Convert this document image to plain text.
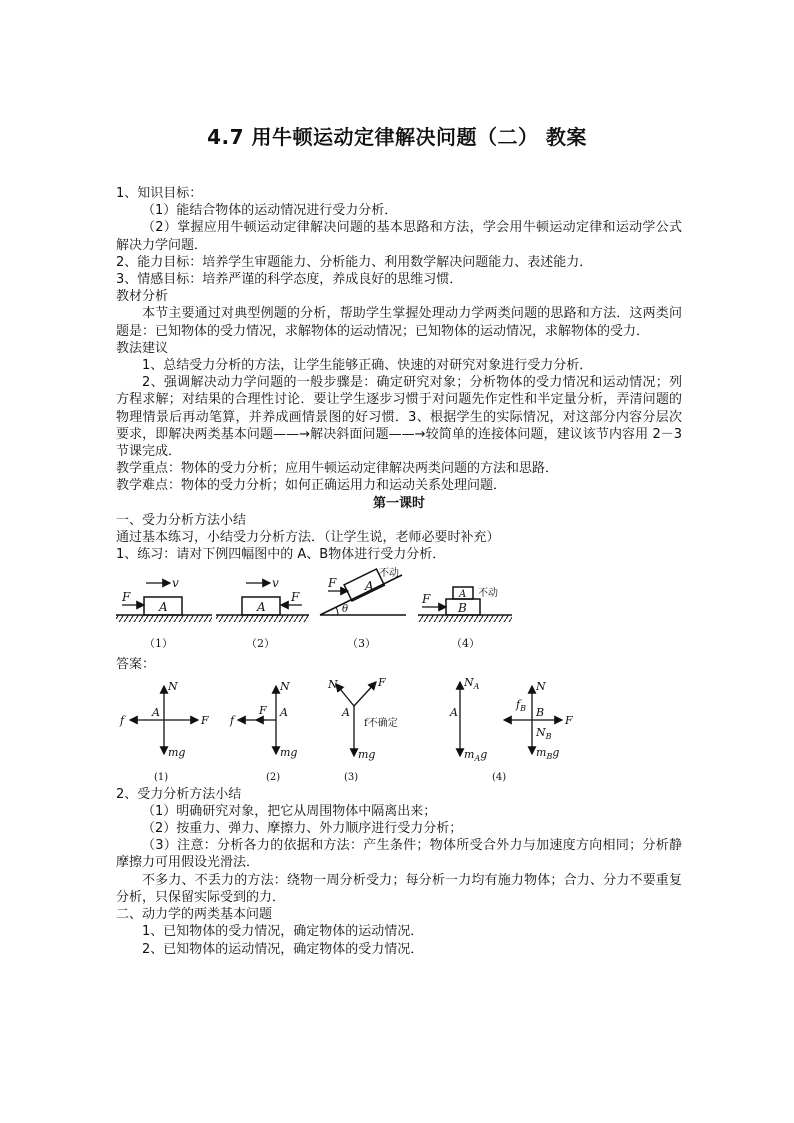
4.7 用牛顿运动定律解决问题（二） 教案

1、知识目标：

（1）能结合物体的运动情况进行受力分析．

（2）掌握应用牛顿运动定律解决问题的基本思路和方法，学会用牛顿运动定律和运动学公式解决力学问题．

2、能力目标：培养学生审题能力、分析能力、利用数学解决问题能力、表述能力．

3、情感目标：培养严谨的科学态度，养成良好的思维习惯．

教材分析

本节主要通过对典型例题的分析，帮助学生掌握处理动力学两类问题的思路和方法．这两类问题是：已知物体的受力情况，求解物体的运动情况；已知物体的运动情况，求解物体的受力．

教法建议

1、总结受力分析的方法，让学生能够正确、快速的对研究对象进行受力分析．

2、强调解决动力学问题的一般步骤是：确定研究对象；分析物体的受力情况和运动情况；列方程求解；对结果的合理性讨论．要让学生逐步习惯于对问题先作定性和半定量分析，弄清问题的物理情景后再动笔算，并养成画情景图的好习惯．3、根据学生的实际情况，对这部分内容分层次要求，即解决两类基本问题——→解决斜面问题——→较简单的连接体问题，建议该节内容用 2－3节课完成．

教学重点：物体的受力分析；应用牛顿运动定律解决两类问题的方法和思路．

教学难点：物体的受力分析；如何正确运用力和运动关系处理问题．

第一课时

一、受力分析方法小结

通过基本练习，小结受力分析方法．（让学生说，老师必要时补充）

1、练习：请对下例四幅图中的 A、B物体进行受力分析．

F
v
A
F
v
A
F A
θ
F	A
B
不动
不动
（1）	（2）	（3）	（4）

答案：

N
A
F
f
mg
N
A
F
f
mg
N	F
A
mg
$N_A$
A
$m_Ag$
$f_B$
N
B
F
$N_B$
$m_Bg$
f不确定
(1)	(2)	(3)	(4)

2、受力分析方法小结

（1）明确研究对象，把它从周围物体中隔离出来；

（2）按重力、弹力、摩擦力、外力顺序进行受力分析；

（3）注意：分析各力的依据和方法：产生条件；物体所受合外力与加速度方向相同；分析静摩擦力可用假设光滑法．

不多力、不丢力的方法：绕物一周分析受力；每分析一力均有施力物体；合力、分力不要重复分析，只保留实际受到的力．

二、动力学的两类基本问题

1、已知物体的受力情况，确定物体的运动情况．

2、已知物体的运动情况，确定物体的受力情况．
